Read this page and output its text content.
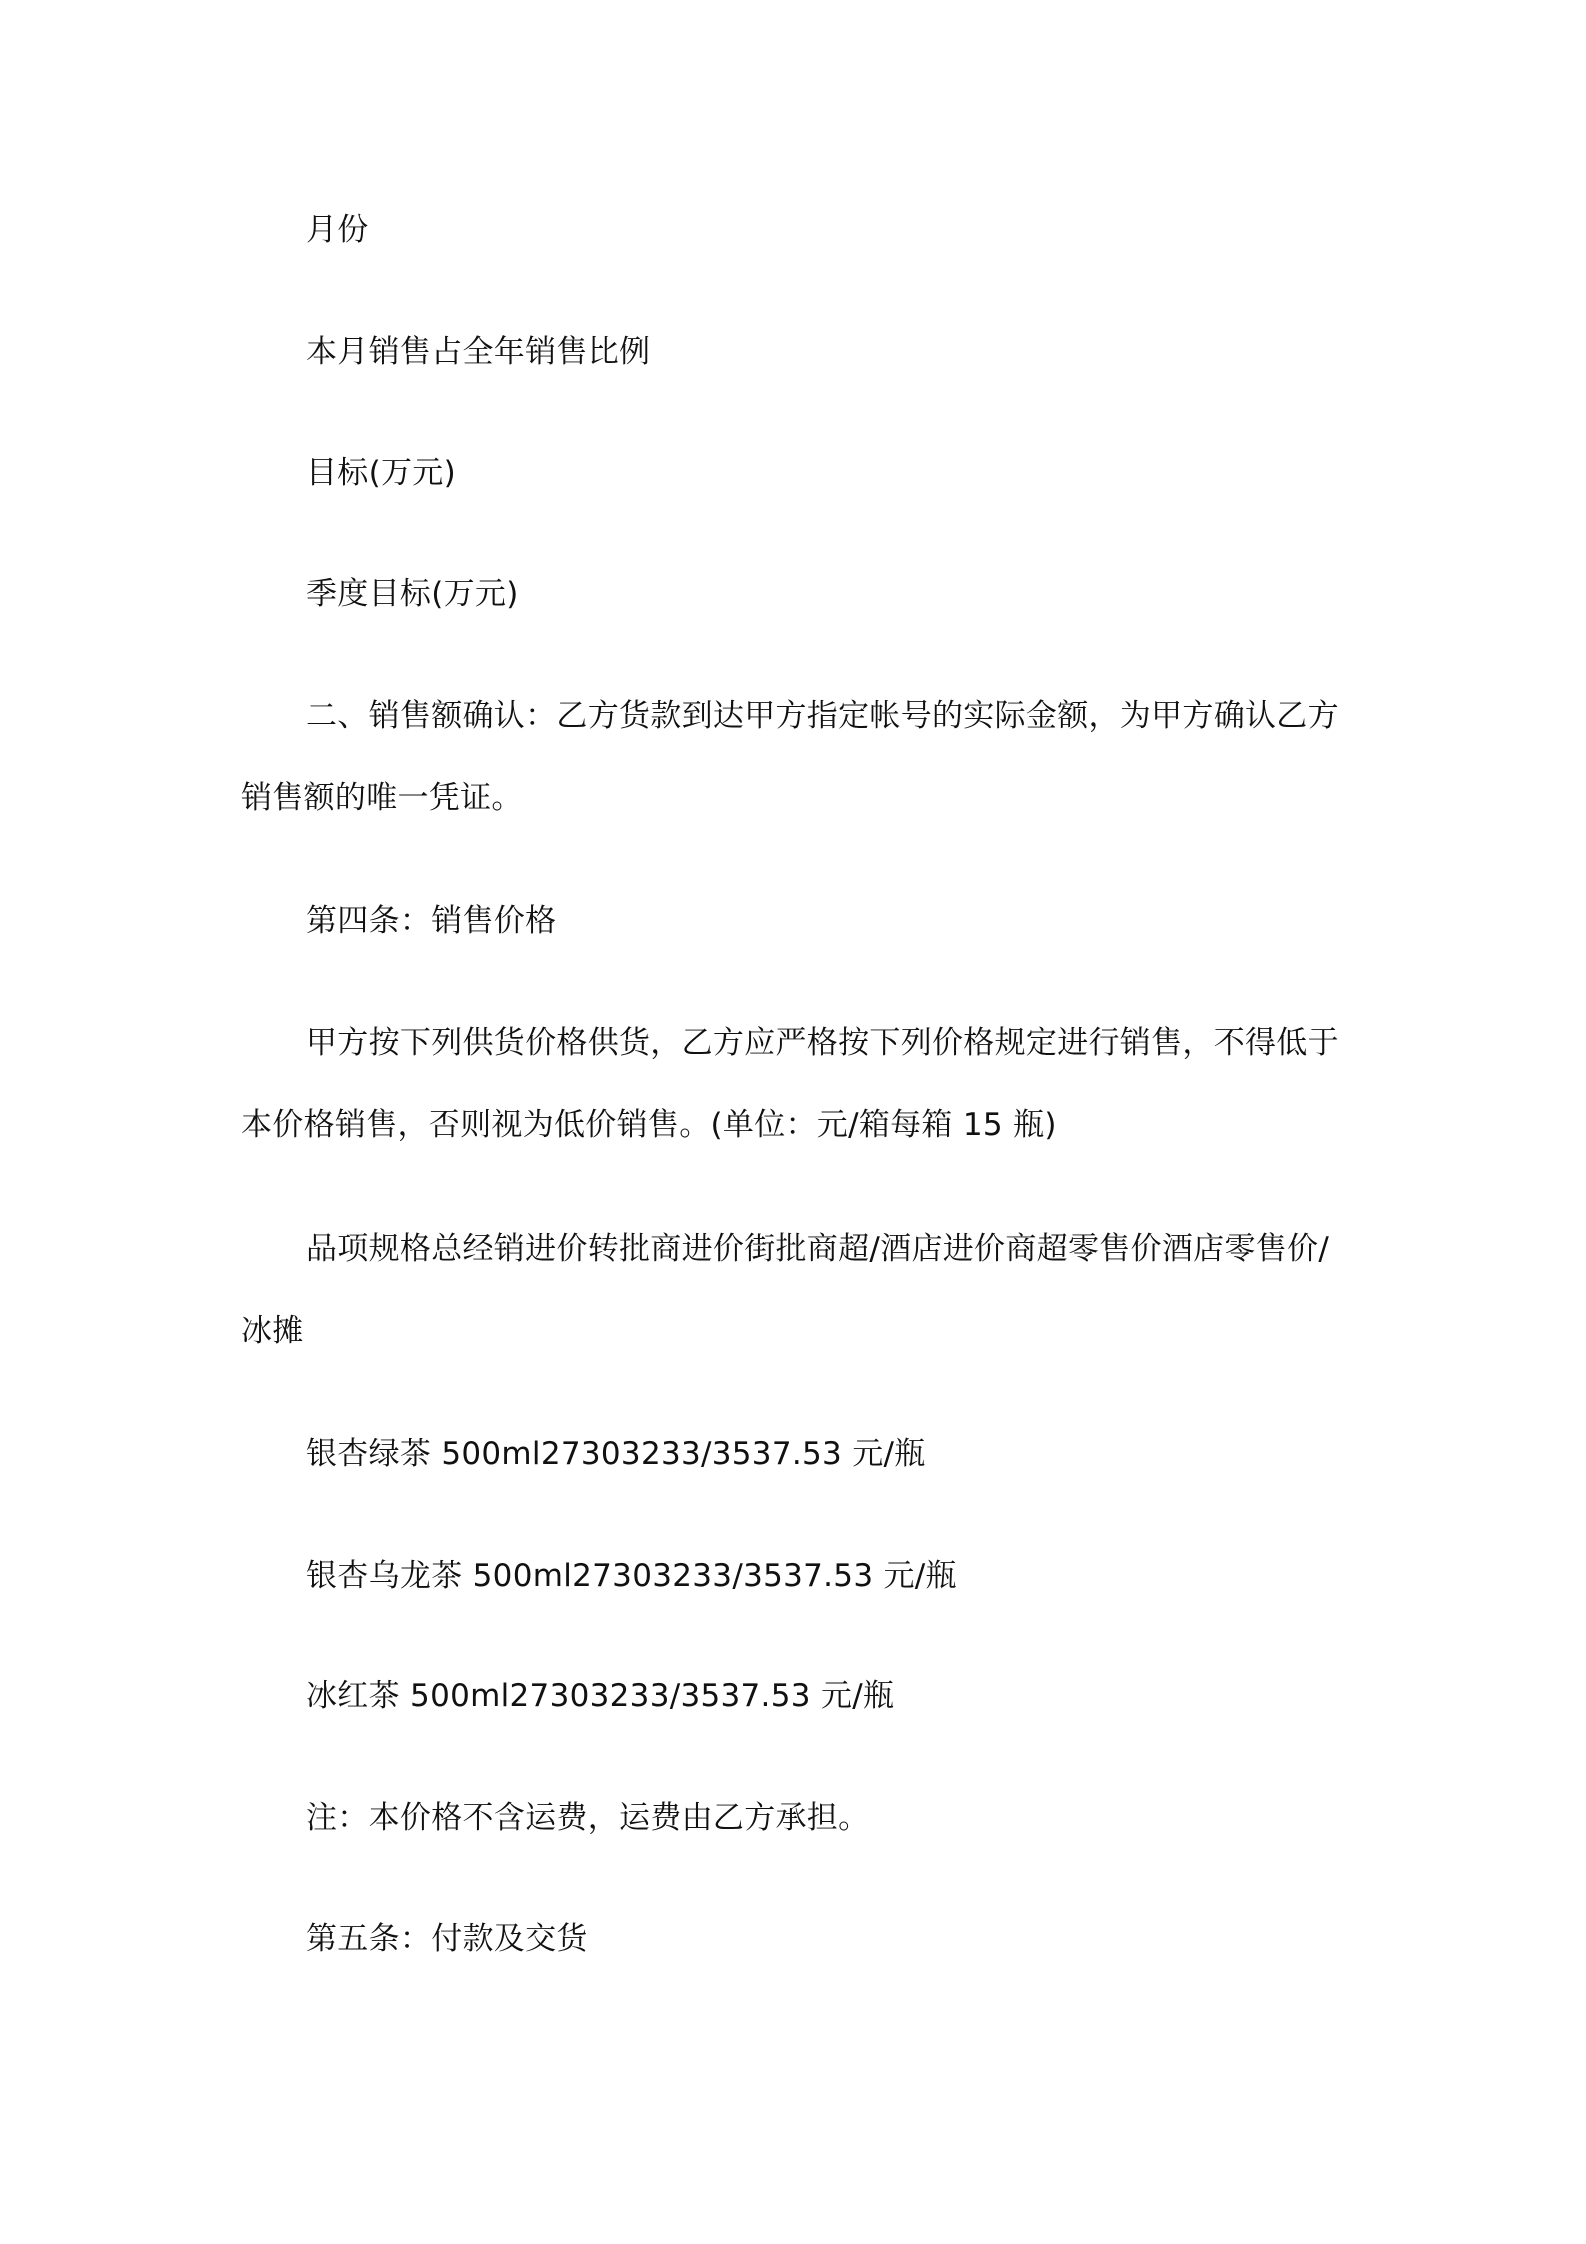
月份

本月销售占全年销售比例

目标(万元)

季度目标(万元)

二、销售额确认：乙方货款到达甲方指定帐号的实际金额，为甲方确认乙方销售额的唯一凭证。

第四条：销售价格

甲方按下列供货价格供货，乙方应严格按下列价格规定进行销售，不得低于本价格销售，否则视为低价销售。(单位：元/箱每箱 15 瓶)

品项规格总经销进价转批商进价街批商超/酒店进价商超零售价酒店零售价/冰摊

银杏绿茶 500ml27303233/3537.53 元/瓶

银杏乌龙茶 500ml27303233/3537.53 元/瓶

冰红茶 500ml27303233/3537.53 元/瓶

注：本价格不含运费，运费由乙方承担。

第五条：付款及交货
